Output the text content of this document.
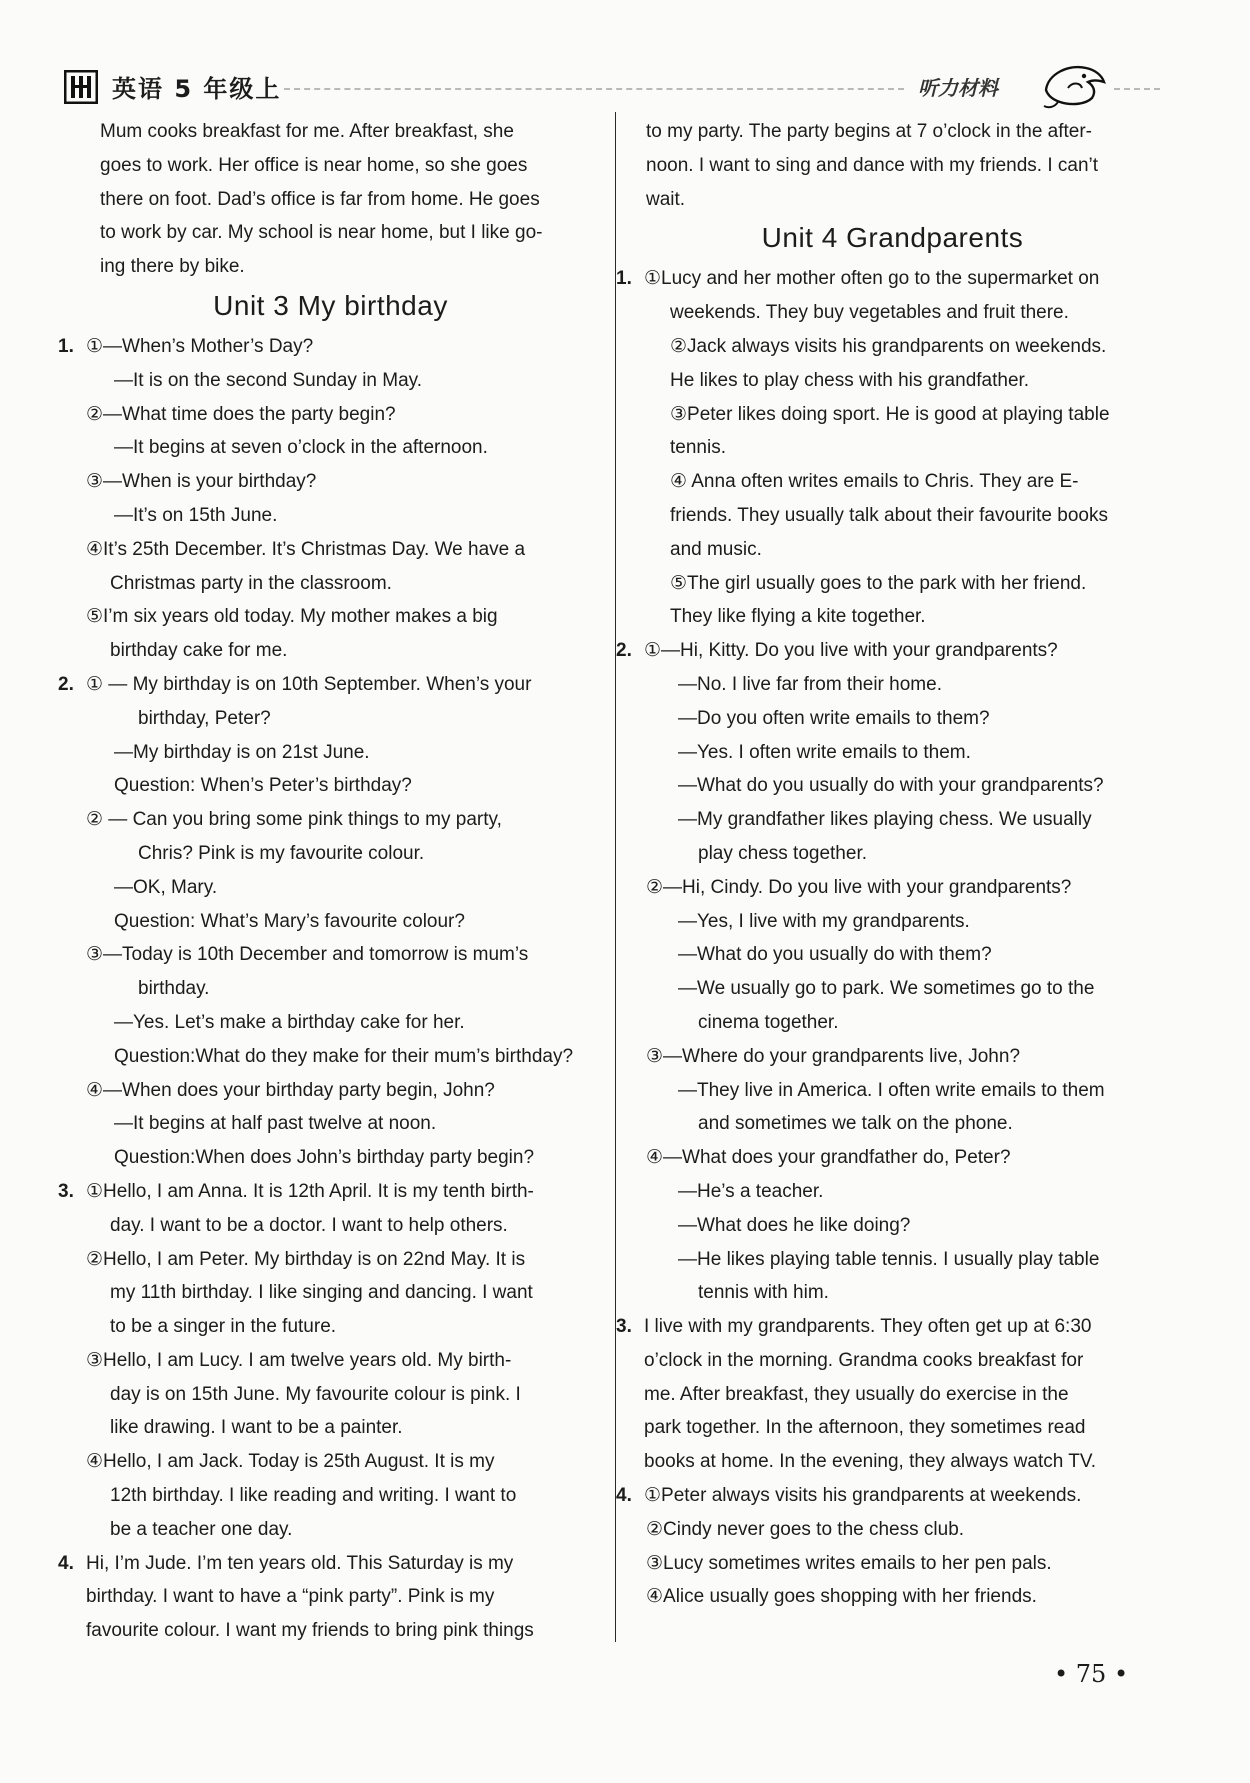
英语 5 年级上	听力材料

Mum cooks breakfast for me. After breakfast, she

goes to work. Her office is near home, so she goes

there on foot. Dad’s office is far from home. He goes

to work by car. My school is near home, but I like go-

ing there by bike.

Unit 3 My birthday

1. ①—When’s Mother’s Day?

—It is on the second Sunday in May.

②—What time does the party begin?

—It begins at seven o’clock in the afternoon.

③—When is your birthday?

—It’s on 15th June.

④It’s 25th December. It’s Christmas Day. We have a

Christmas party in the classroom.

⑤I’m six years old today. My mother makes a big

birthday cake for me.

2. ① — My birthday is on 10th September. When’s your

birthday, Peter?

—My birthday is on 21st June.

Question: When’s Peter’s birthday?

② — Can you bring some pink things to my party,

Chris? Pink is my favourite colour.

—OK, Mary.

Question: What’s Mary’s favourite colour?

③—Today is 10th December and tomorrow is mum’s

birthday.

—Yes. Let’s make a birthday cake for her.

Question:What do they make for their mum’s birthday?

④—When does your birthday party begin, John?

—It begins at half past twelve at noon.

Question:When does John’s birthday party begin?

3. ①Hello, I am Anna. It is 12th April. It is my tenth birth-

day. I want to be a doctor. I want to help others.

②Hello, I am Peter. My birthday is on 22nd May. It is

my 11th birthday. I like singing and dancing. I want

to be a singer in the future.

③Hello, I am Lucy. I am twelve years old. My birth-

day is on 15th June. My favourite colour is pink. I

like drawing. I want to be a painter.

④Hello, I am Jack. Today is 25th August. It is my

12th birthday. I like reading and writing. I want to

be a teacher one day.

4. Hi, I’m Jude. I’m ten years old. This Saturday is my

birthday. I want to have a “pink party”. Pink is my

favourite colour. I want my friends to bring pink things

to my party. The party begins at 7 o’clock in the after-

noon. I want to sing and dance with my friends. I can’t

wait.

Unit 4 Grandparents

1. ①Lucy and her mother often go to the supermarket on

weekends. They buy vegetables and fruit there.

②Jack always visits his grandparents on weekends.

He likes to play chess with his grandfather.

③Peter likes doing sport. He is good at playing table

tennis.

④ Anna often writes emails to Chris. They are E-

friends. They usually talk about their favourite books

and music.

⑤The girl usually goes to the park with her friend.

They like flying a kite together.

2. ①—Hi, Kitty. Do you live with your grandparents?

—No. I live far from their home.

—Do you often write emails to them?

—Yes. I often write emails to them.

—What do you usually do with your grandparents?

—My grandfather likes playing chess. We usually

play chess together.

②—Hi, Cindy. Do you live with your grandparents?

—Yes, I live with my grandparents.

—What do you usually do with them?

—We usually go to park. We sometimes go to the

cinema together.

③—Where do your grandparents live, John?

—They live in America. I often write emails to them

and sometimes we talk on the phone.

④—What does your grandfather do, Peter?

—He’s a teacher.

—What does he like doing?

—He likes playing table tennis. I usually play table

tennis with him.

3. I live with my grandparents. They often get up at 6:30

o’clock in the morning. Grandma cooks breakfast for

me. After breakfast, they usually do exercise in the

park together. In the afternoon, they sometimes read

books at home. In the evening, they always watch TV.

4. ①Peter always visits his grandparents at weekends.

②Cindy never goes to the chess club.

③Lucy sometimes writes emails to her pen pals.

④Alice usually goes shopping with her friends.

• 75 •
